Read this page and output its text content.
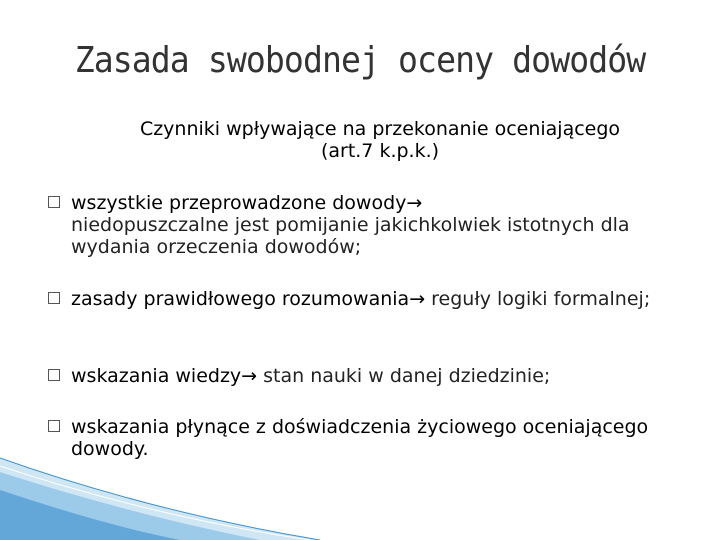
Zasada swobodnej oceny dowodów
Czynniki wpływające na przekonanie oceniającego
(art.7 k.p.k.)
wszystkie przeprowadzone dowody→
niedopuszczalne jest pomijanie jakichkolwiek istotnych dla wydania orzeczenia dowodów;
zasady prawidłowego rozumowania→ reguły logiki formalnej;
wskazania wiedzy→ stan nauki w danej dziedzinie;
wskazania płynące z doświadczenia życiowego oceniającego dowody.
